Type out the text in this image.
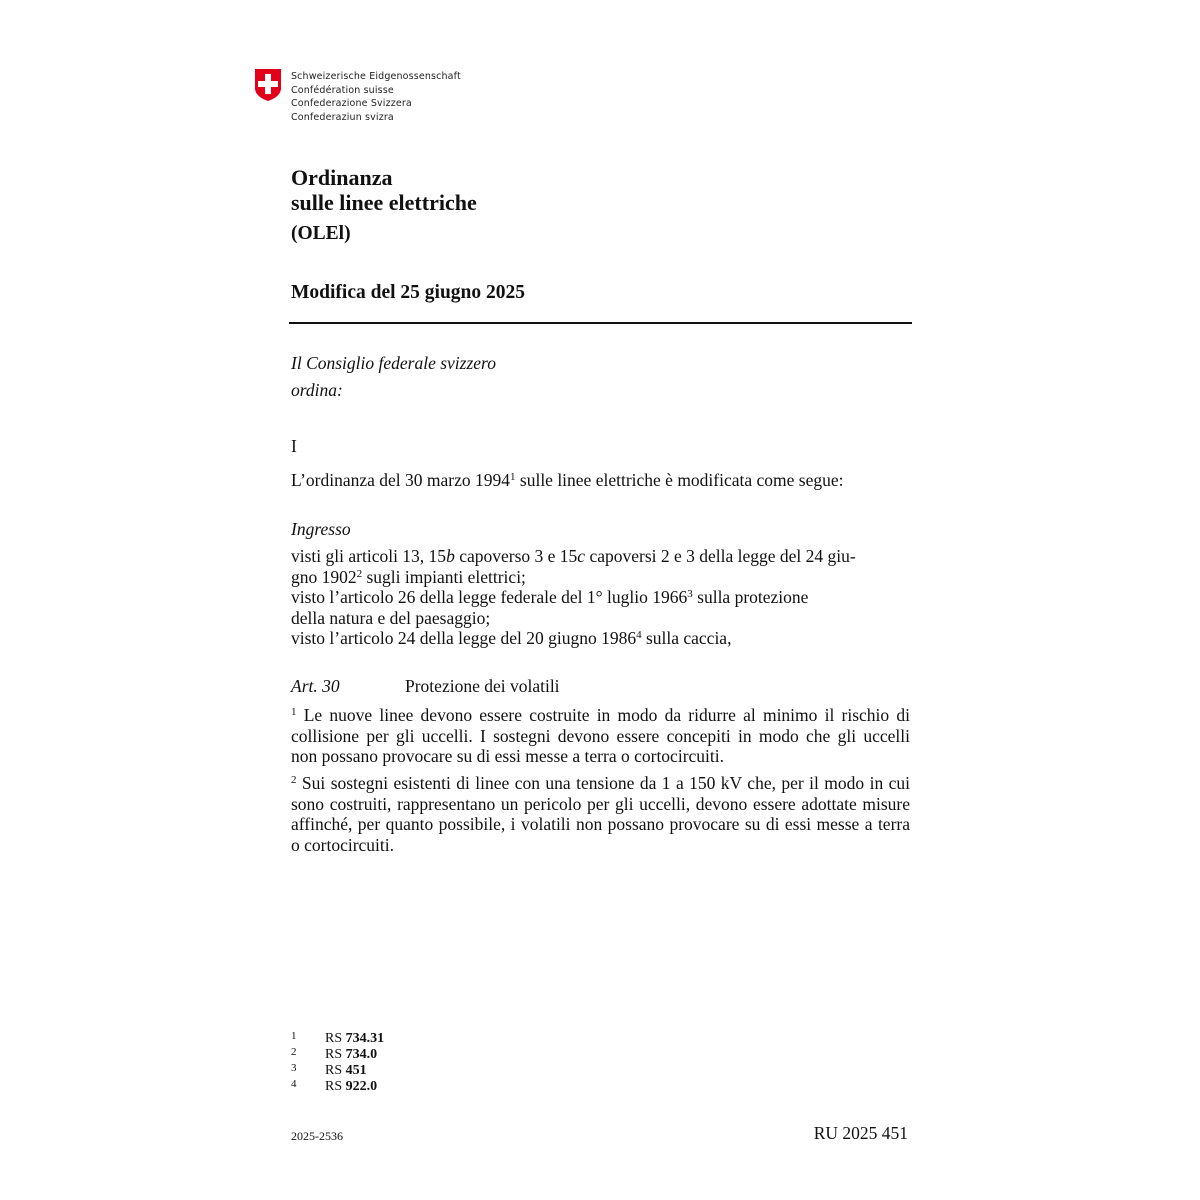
Schweizerische Eidgenossenschaft
Confédération suisse
Confederazione Svizzera
Confederaziun svizra
Ordinanza
sulle linee elettriche
(OLEl)
Modifica del 25 giugno 2025
Il Consiglio federale svizzero
ordina:
I
L’ordinanza del 30 marzo 1994$^1$ sulle linee elettriche è modificata come segue:
Ingresso
visti gli articoli 13, 15b capoverso 3 e 15c capoversi 2 e 3 della legge del 24 giu-
gno 1902$^2$ sugli impianti elettrici;
visto l’articolo 26 della legge federale del 1° luglio 1966$^3$ sulla protezione
della natura e del paesaggio;
visto l’articolo 24 della legge del 20 giugno 1986$^4$ sulla caccia,
Art. 30	Protezione dei volatili
$^1$ Le nuove linee devono essere costruite in modo da ridurre al minimo il rischio di
collisione per gli uccelli. I sostegni devono essere concepiti in modo che gli uccelli
non possano provocare su di essi messe a terra o cortocircuiti.
$^2$ Sui sostegni esistenti di linee con una tensione da 1 a 150 kV che, per il modo in cui
sono costruiti, rappresentano un pericolo per gli uccelli, devono essere adottate misure
affinché, per quanto possibile, i volatili non possano provocare su di essi messe a terra
o cortocircuiti.
1	RS 734.31
2	RS 734.0
3	RS 451
4	RS 922.0
2025-2536	RU 2025 451
